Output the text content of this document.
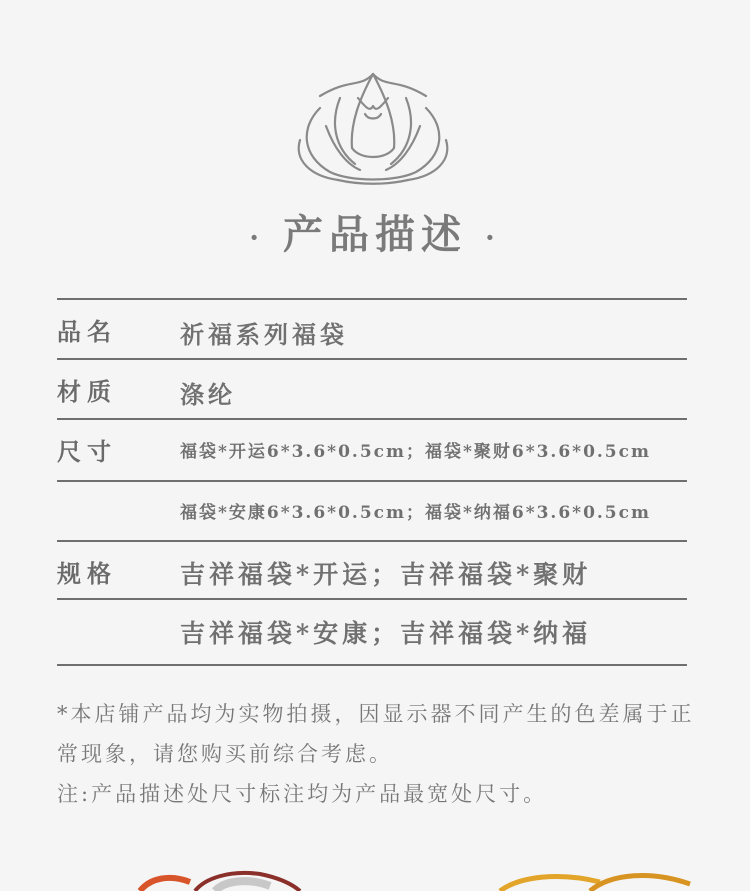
· 产品描述 ·
品名	祈福系列福袋
材质	涤纶
尺寸	福袋*开运6*3.6*0.5cm；福袋*聚财6*3.6*0.5cm
福袋*安康6*3.6*0.5cm；福袋*纳福6*3.6*0.5cm
规格	吉祥福袋*开运；吉祥福袋*聚财
吉祥福袋*安康；吉祥福袋*纳福

*本店铺产品均为实物拍摄，因显示器不同产生的色差属于正常现象，请您购买前综合考虑。

注:产品描述处尺寸标注均为产品最宽处尺寸。
